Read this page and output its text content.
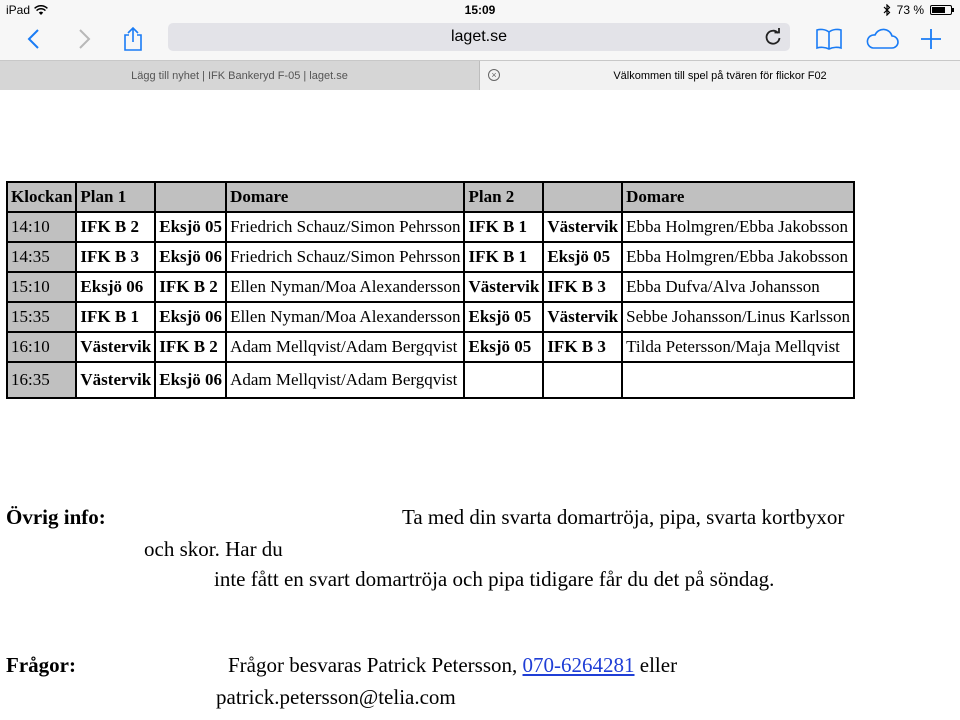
iPad	15:09	73 %
laget.se
Lägg till nyhet | IFK Bankeryd F-05 | laget.se	×	Välkommen till spel på tvären för flickor F02
Klockan	Plan 1		Domare	Plan 2		Domare
14:10	IFK B 2	Eksjö 05	Friedrich Schauz/Simon Pehrsson	IFK B 1	Västervik	Ebba Holmgren/Ebba Jakobsson
14:35	IFK B 3	Eksjö 06	Friedrich Schauz/Simon Pehrsson	IFK B 1	Eksjö 05	Ebba Holmgren/Ebba Jakobsson
15:10	Eksjö 06	IFK B 2	Ellen Nyman/Moa Alexandersson	Västervik	IFK B 3	Ebba Dufva/Alva Johansson
15:35	IFK B 1	Eksjö 06	Ellen Nyman/Moa Alexandersson	Eksjö 05	Västervik	Sebbe Johansson/Linus Karlsson
16:10	Västervik	IFK B 2	Adam Mellqvist/Adam Bergqvist	Eksjö 05	IFK B 3	Tilda Petersson/Maja Mellqvist
16:35	Västervik	Eksjö 06	Adam Mellqvist/Adam Bergqvist			
Övrig info:	Ta med din svarta domartröja, pipa, svarta kortbyxor
och skor. Har du
inte fått en svart domartröja och pipa tidigare får du det på söndag.
Frågor:	Frågor besvaras Patrick Petersson, 070-6264281 eller
patrick.petersson@telia.com
